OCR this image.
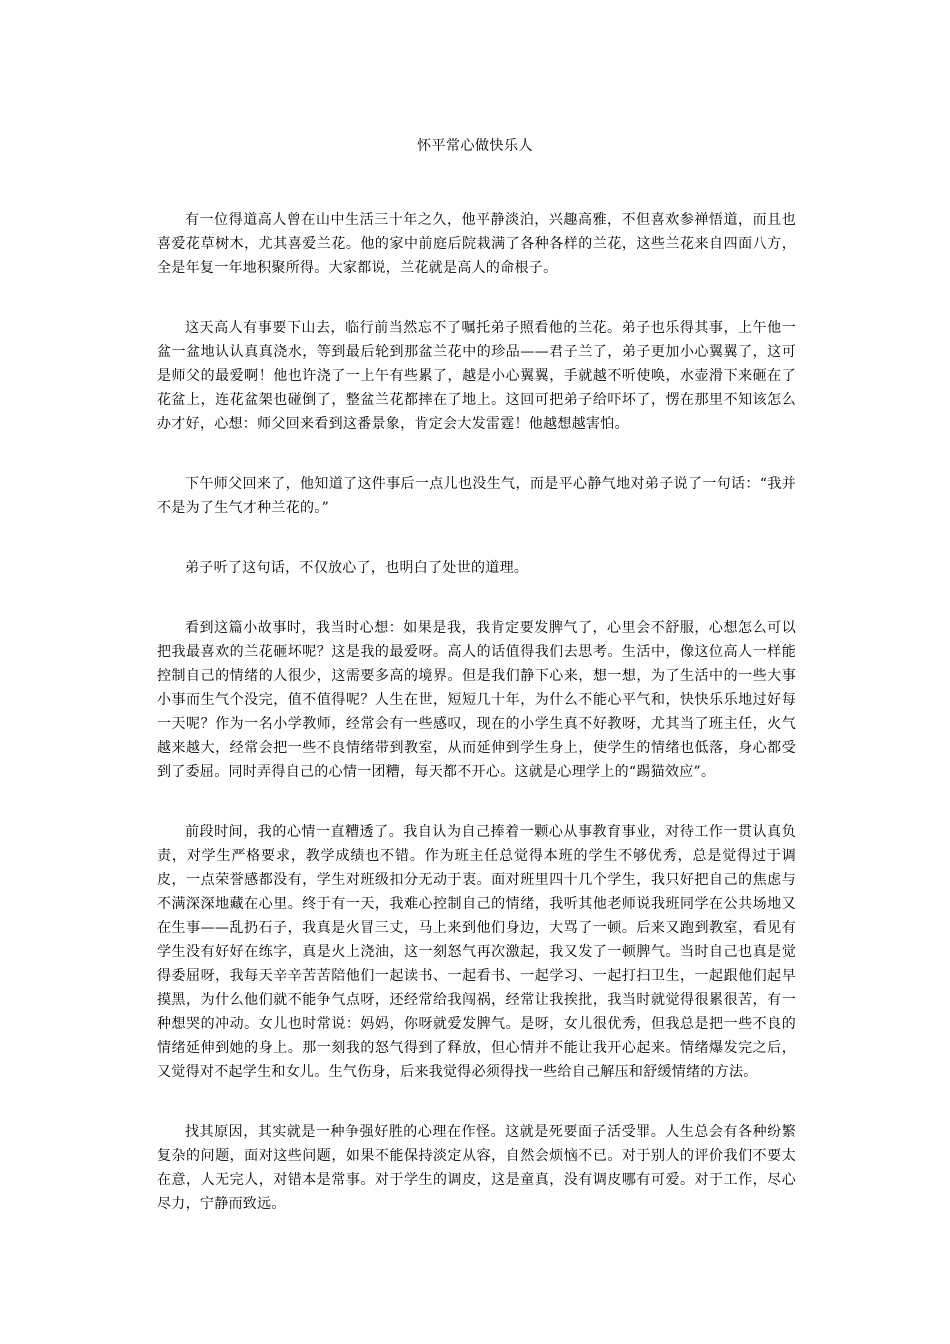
怀平常心做快乐人

有一位得道高人曾在山中生活三十年之久，他平静淡泊，兴趣高雅，不但喜欢参禅悟道，而且也喜爱花草树木，尤其喜爱兰花。他的家中前庭后院栽满了各种各样的兰花，这些兰花来自四面八方，全是年复一年地积聚所得。大家都说，兰花就是高人的命根子。

这天高人有事要下山去，临行前当然忘不了嘱托弟子照看他的兰花。弟子也乐得其事，上午他一盆一盆地认认真真浇水，等到最后轮到那盆兰花中的珍品——君子兰了，弟子更加小心翼翼了，这可是师父的最爱啊！他也许浇了一上午有些累了，越是小心翼翼，手就越不听使唤，水壶滑下来砸在了花盆上，连花盆架也碰倒了，整盆兰花都摔在了地上。这回可把弟子给吓坏了，愣在那里不知该怎么办才好，心想：师父回来看到这番景象，肯定会大发雷霆！他越想越害怕。

下午师父回来了，他知道了这件事后一点儿也没生气，而是平心静气地对弟子说了一句话：“我并不是为了生气才种兰花的。”

弟子听了这句话，不仅放心了，也明白了处世的道理。

看到这篇小故事时，我当时心想：如果是我，我肯定要发脾气了，心里会不舒服，心想怎么可以把我最喜欢的兰花砸坏呢？这是我的最爱呀。高人的话值得我们去思考。生活中，像这位高人一样能控制自己的情绪的人很少，这需要多高的境界。但是我们静下心来，想一想，为了生活中的一些大事小事而生气个没完，值不值得呢？人生在世，短短几十年，为什么不能心平气和，快快乐乐地过好每一天呢？作为一名小学教师，经常会有一些感叹，现在的小学生真不好教呀，尤其当了班主任，火气越来越大，经常会把一些不良情绪带到教室，从而延伸到学生身上，使学生的情绪也低落，身心都受到了委屈。同时弄得自己的心情一团糟，每天都不开心。这就是心理学上的“踢猫效应”。

前段时间，我的心情一直糟透了。我自认为自己捧着一颗心从事教育事业，对待工作一贯认真负责，对学生严格要求，教学成绩也不错。作为班主任总觉得本班的学生不够优秀，总是觉得过于调皮，一点荣誉感都没有，学生对班级扣分无动于衷。面对班里四十几个学生，我只好把自己的焦虑与不满深深地藏在心里。终于有一天，我难心控制自己的情绪，我听其他老师说我班同学在公共场地又在生事——乱扔石子，我真是火冒三丈，马上来到他们身边，大骂了一顿。后来又跑到教室，看见有学生没有好好在练字，真是火上浇油，这一刻怒气再次激起，我又发了一顿脾气。当时自己也真是觉得委屈呀，我每天辛辛苦苦陪他们一起读书、一起看书、一起学习、一起打扫卫生，一起跟他们起早摸黑，为什么他们就不能争气点呀，还经常给我闯祸，经常让我挨批，我当时就觉得很累很苦，有一种想哭的冲动。女儿也时常说：妈妈，你呀就爱发脾气。是呀，女儿很优秀，但我总是把一些不良的情绪延伸到她的身上。那一刻我的怒气得到了释放，但心情并不能让我开心起来。情绪爆发完之后，又觉得对不起学生和女儿。生气伤身，后来我觉得必须得找一些给自己解压和舒缓情绪的方法。

找其原因，其实就是一种争强好胜的心理在作怪。这就是死要面子活受罪。人生总会有各种纷繁复杂的问题，面对这些问题，如果不能保持淡定从容，自然会烦恼不已。对于别人的评价我们不要太在意，人无完人，对错本是常事。对于学生的调皮，这是童真，没有调皮哪有可爱。对于工作，尽心尽力，宁静而致远。
